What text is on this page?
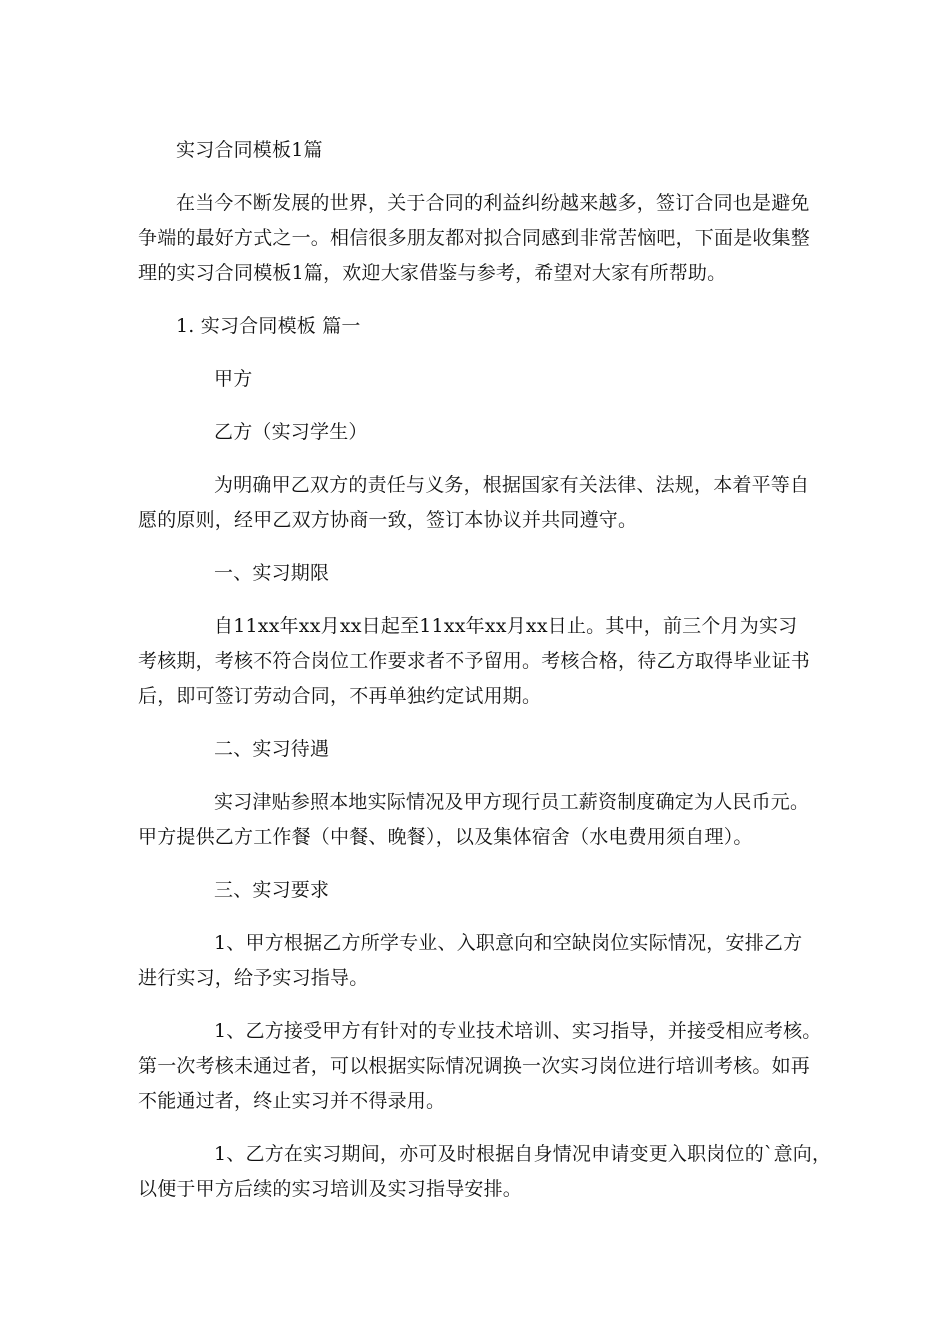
实习合同模板1篇
在当今不断发展的世界，关于合同的利益纠纷越来越多，签订合同也是避免
争端的最好方式之一。相信很多朋友都对拟合同感到非常苦恼吧，下面是收集整
理的实习合同模板1篇，欢迎大家借鉴与参考，希望对大家有所帮助。
1. 实习合同模板 篇一
甲方
乙方（实习学生）
为明确甲乙双方的责任与义务，根据国家有关法律、法规，本着平等自
愿的原则，经甲乙双方协商一致，签订本协议并共同遵守。
一、实习期限
自11xx年xx月xx日起至11xx年xx月xx日止。其中，前三个月为实习
考核期，考核不符合岗位工作要求者不予留用。考核合格，待乙方取得毕业证书
后，即可签订劳动合同，不再单独约定试用期。
二、实习待遇
实习津贴参照本地实际情况及甲方现行员工薪资制度确定为人民币元。
甲方提供乙方工作餐（中餐、晚餐），以及集体宿舍（水电费用须自理）。
三、实习要求
1、甲方根据乙方所学专业、入职意向和空缺岗位实际情况，安排乙方
进行实习，给予实习指导。
1、乙方接受甲方有针对的专业技术培训、实习指导，并接受相应考核。
第一次考核未通过者，可以根据实际情况调换一次实习岗位进行培训考核。如再
不能通过者，终止实习并不得录用。
1、乙方在实习期间，亦可及时根据自身情况申请变更入职岗位的`意向，
以便于甲方后续的实习培训及实习指导安排。
